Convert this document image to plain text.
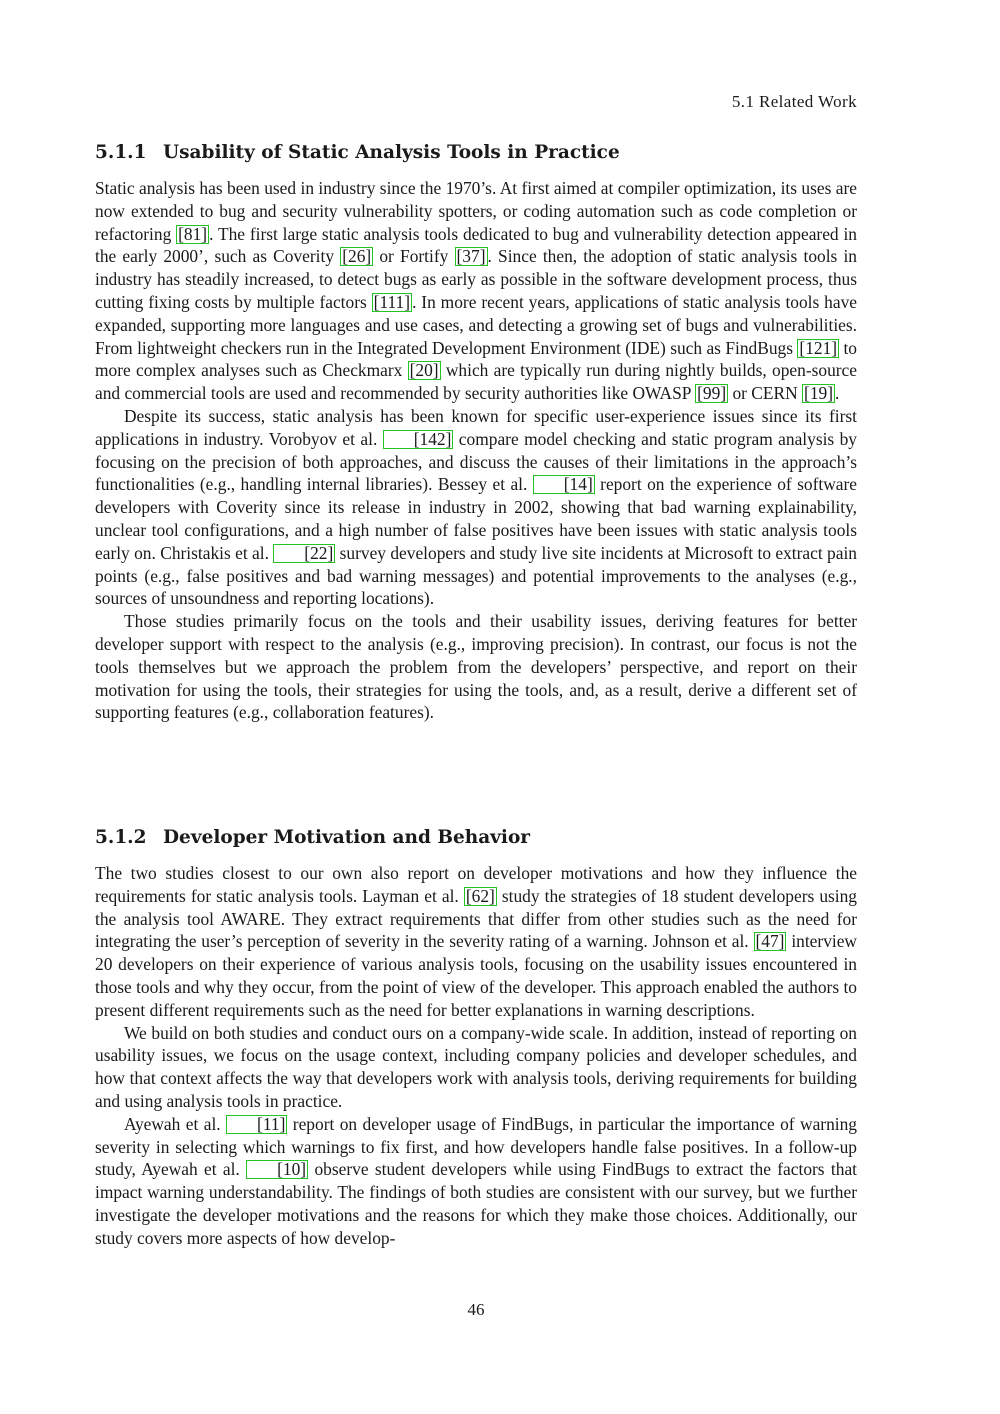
5.1 Related Work
5.1.1 Usability of Static Analysis Tools in Practice

Static analysis has been used in industry since the 1970’s. At first aimed at compiler optimization, its uses are now extended to bug and security vulnerability spotters, or coding automation such as code completion or refactoring [81] . The first large static analysis tools dedicated to bug and vulnerability detection appeared in the early 2000’, such as Coverity [26] or Fortify [37] . Since then, the adoption of static analysis tools in industry has steadily increased, to detect bugs as early as possible in the software development process, thus cutting fixing costs by multiple factors [111] . In more recent years, applications of static analysis tools have expanded, supporting more languages and use cases, and detecting a growing set of bugs and vulnerabilities. From lightweight checkers run in the Integrated Development Environment (IDE) such as FindBugs [121] to more complex analyses such as Checkmarx [20] which are typically run during nightly builds, open-source and commercial tools are used and recommended by security authorities like OWASP [99] or CERN [19] .

Despite its success, static analysis has been known for specific user-experience issues since its first applications in industry. Vorobyov et al. [142] compare model checking and static program analysis by focusing on the precision of both approaches, and discuss the causes of their limitations in the approach’s functionalities (e.g., handling internal libraries). Bessey et al. [14] report on the experience of software developers with Coverity since its release in industry in 2002, showing that bad warning explainability, unclear tool configurations, and a high number of false positives have been issues with static analysis tools early on. Christakis et al. [22] survey developers and study live site incidents at Microsoft to extract pain points (e.g., false positives and bad warning messages) and potential improvements to the analyses (e.g., sources of unsoundness and reporting locations).

Those studies primarily focus on the tools and their usability issues, deriving features for better developer support with respect to the analysis (e.g., improving precision). In contrast, our focus is not the tools themselves but we approach the problem from the developers’ perspective, and report on their motivation for using the tools, their strategies for using the tools, and, as a result, derive a different set of supporting features (e.g., collaboration features).

5.1.2 Developer Motivation and Behavior

The two studies closest to our own also report on developer motivations and how they influence the requirements for static analysis tools. Layman et al. [62] study the strategies of 18 student developers using the analysis tool AWARE. They extract requirements that differ from other studies such as the need for integrating the user’s perception of severity in the severity rating of a warning. Johnson et al. [47] interview 20 developers on their experience of various analysis tools, focusing on the usability issues encountered in those tools and why they occur, from the point of view of the developer. This approach enabled the authors to present different requirements such as the need for better explanations in warning descriptions.

We build on both studies and conduct ours on a company-wide scale. In addition, instead of reporting on usability issues, we focus on the usage context, including company policies and developer schedules, and how that context affects the way that developers work with analysis tools, deriving requirements for building and using analysis tools in practice.

Ayewah et al. [11] report on developer usage of FindBugs, in particular the importance of warning severity in selecting which warnings to fix first, and how developers handle false positives. In a follow-up study, Ayewah et al. [10] observe student developers while using FindBugs to extract the factors that impact warning understandability. The findings of both studies are consistent with our survey, but we further investigate the developer motivations and the reasons for which they make those choices. Additionally, our study covers more aspects of how develop-

46
